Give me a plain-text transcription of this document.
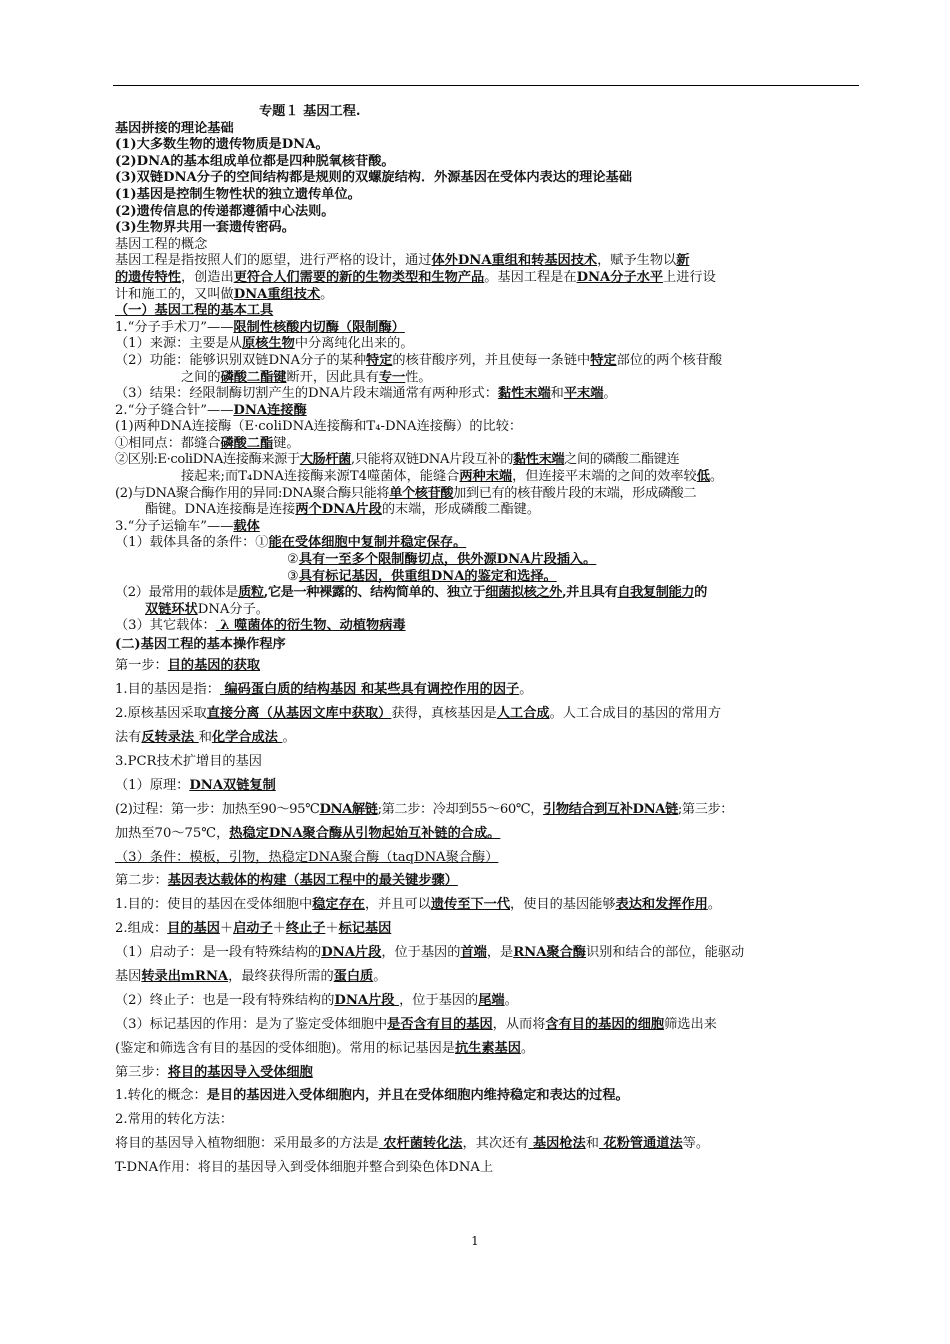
专题１ 基因工程.
基因拼接的理论基础
(1)大多数生物的遗传物质是DNA。
(2)DNA的基本组成单位都是四种脱氧核苷酸。
(3)双链DNA分子的空间结构都是规则的双螺旋结构．外源基因在受体内表达的理论基础
(1)基因是控制生物性状的独立遗传单位。
(2)遗传信息的传递都遵循中心法则。
(3)生物界共用一套遗传密码。
基因工程的概念
基因工程是指按照人们的愿望，进行严格的设计，通过体外DNA重组和转基因技术，赋予生物以新
的遗传特性，创造出更符合人们需要的新的生物类型和生物产品。基因工程是在DNA分子水平上进行设
计和施工的，又叫做DNA重组技术。
（一）基因工程的基本工具
1.“分子手术刀”——限制性核酸内切酶（限制酶）
（1）来源：主要是从原核生物中分离纯化出来的。
（2）功能：能够识别双链DNA分子的某种特定的核苷酸序列，并且使每一条链中特定部位的两个核苷酸
之间的磷酸二酯键断开，因此具有专一性。
（3）结果：经限制酶切割产生的DNA片段末端通常有两种形式：黏性末端和平末端。
2.“分子缝合针”——DNA连接酶
(1)两种DNA连接酶（E·coliDNA连接酶和T₄-DNA连接酶）的比较：
①相同点：都缝合磷酸二酯键。
②区别:E·coliDNA连接酶来源于大肠杆菌,只能将双链DNA片段互补的黏性末端之间的磷酸二酯键连
接起来;而T₄DNA连接酶来源T4噬菌体，能缝合两种末端，但连接平末端的之间的效率较低。
(2)与DNA聚合酶作用的异同:DNA聚合酶只能将单个核苷酸加到已有的核苷酸片段的末端，形成磷酸二
酯键。DNA连接酶是连接两个DNA片段的末端，形成磷酸二酯键。
3.“分子运输车”——载体
（1）载体具备的条件：①能在受体细胞中复制并稳定保存。
②具有一至多个限制酶切点，供外源DNA片段插入。
③具有标记基因，供重组DNA的鉴定和选择。
（2）最常用的载体是质粒,它是一种裸露的、结构简单的、独立于细菌拟核之外,并且具有自我复制能力的
双链环状DNA分子。
（3）其它载体： λ 噬菌体的衍生物、动植物病毒
(二)基因工程的基本操作程序
第一步：目的基因的获取
1.目的基因是指： 编码蛋白质的结构基因 和某些具有调控作用的因子。
2.原核基因采取直接分离（从基因文库中获取）获得，真核基因是人工合成。人工合成目的基因的常用方
法有反转录法 和化学合成法 。
3.PCR技术扩增目的基因
（1）原理：DNA双链复制
(2)过程：第一步：加热至90～95℃DNA解链;第二步：冷却到55～60℃，引物结合到互补DNA链;第三步：
加热至70～75℃，热稳定DNA聚合酶从引物起始互补链的合成。
（3）条件：模板，引物，热稳定DNA聚合酶（taqDNA聚合酶）
第二步：基因表达载体的构建（基因工程中的最关键步骤）
1.目的：使目的基因在受体细胞中稳定存在，并且可以遗传至下一代，使目的基因能够表达和发挥作用。
2.组成：目的基因＋启动子＋终止子＋标记基因
（1）启动子：是一段有特殊结构的DNA片段，位于基因的首端，是RNA聚合酶识别和结合的部位，能驱动
基因转录出mRNA，最终获得所需的蛋白质。
（2）终止子：也是一段有特殊结构的DNA片段 ，位于基因的尾端。
（3）标记基因的作用：是为了鉴定受体细胞中是否含有目的基因，从而将含有目的基因的细胞筛选出来
(鉴定和筛选含有目的基因的受体细胞)。常用的标记基因是抗生素基因。
第三步：将目的基因导入受体细胞
1.转化的概念：是目的基因进入受体细胞内，并且在受体细胞内维持稳定和表达的过程。
2.常用的转化方法：
将目的基因导入植物细胞：采用最多的方法是 农杆菌转化法，其次还有 基因枪法和 花粉管通道法等。
T-DNA作用：将目的基因导入到受体细胞并整合到染色体DNA上
1
